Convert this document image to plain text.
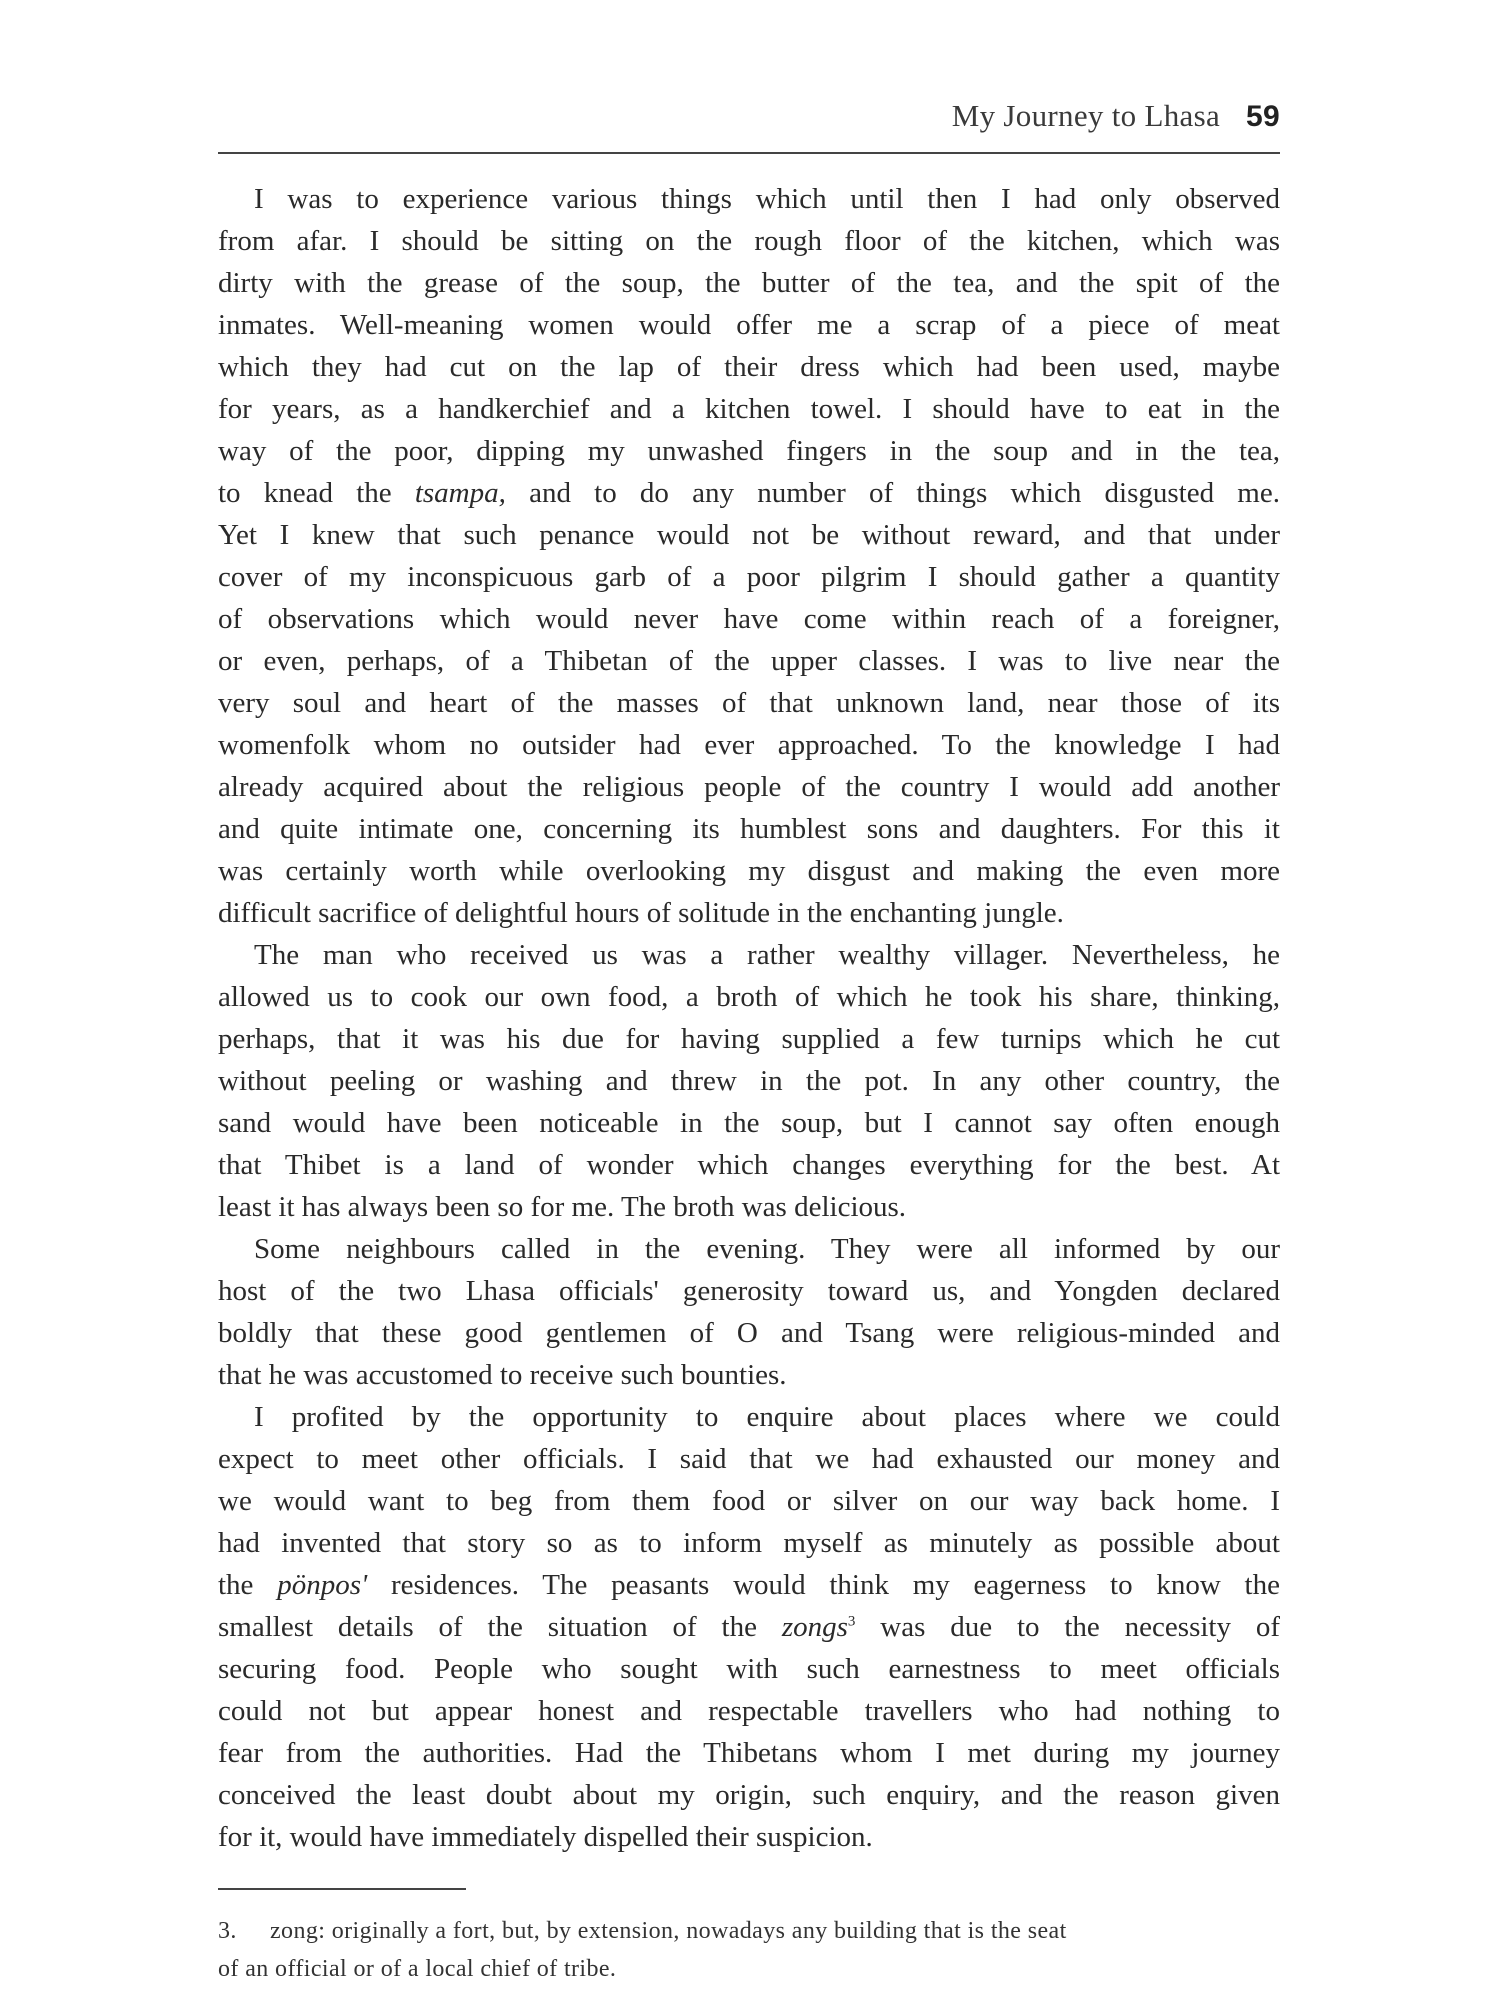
My Journey to Lhasa 59
I was to experience various things which until then I had only observed
from afar. I should be sitting on the rough floor of the kitchen, which was
dirty with the grease of the soup, the butter of the tea, and the spit of the
inmates. Well-meaning women would offer me a scrap of a piece of meat
which they had cut on the lap of their dress which had been used, maybe
for years, as a handkerchief and a kitchen towel. I should have to eat in the
way of the poor, dipping my unwashed fingers in the soup and in the tea,
to knead the tsampa, and to do any number of things which disgusted me.
Yet I knew that such penance would not be without reward, and that under
cover of my inconspicuous garb of a poor pilgrim I should gather a quantity
of observations which would never have come within reach of a foreigner,
or even, perhaps, of a Thibetan of the upper classes. I was to live near the
very soul and heart of the masses of that unknown land, near those of its
womenfolk whom no outsider had ever approached. To the knowledge I had
already acquired about the religious people of the country I would add another
and quite intimate one, concerning its humblest sons and daughters. For this it
was certainly worth while overlooking my disgust and making the even more
difficult sacrifice of delightful hours of solitude in the enchanting jungle.
The man who received us was a rather wealthy villager. Nevertheless, he
allowed us to cook our own food, a broth of which he took his share, thinking,
perhaps, that it was his due for having supplied a few turnips which he cut
without peeling or washing and threw in the pot. In any other country, the
sand would have been noticeable in the soup, but I cannot say often enough
that Thibet is a land of wonder which changes everything for the best. At
least it has always been so for me. The broth was delicious.
Some neighbours called in the evening. They were all informed by our
host of the two Lhasa officials' generosity toward us, and Yongden declared
boldly that these good gentlemen of O and Tsang were religious-minded and
that he was accustomed to receive such bounties.
I profited by the opportunity to enquire about places where we could
expect to meet other officials. I said that we had exhausted our money and
we would want to beg from them food or silver on our way back home. I
had invented that story so as to inform myself as minutely as possible about
the pönpos' residences. The peasants would think my eagerness to know the
smallest details of the situation of the zongs$^3$ was due to the necessity of
securing food. People who sought with such earnestness to meet officials
could not but appear honest and respectable travellers who had nothing to
fear from the authorities. Had the Thibetans whom I met during my journey
conceived the least doubt about my origin, such enquiry, and the reason given
for it, would have immediately dispelled their suspicion.
3. zong: originally a fort, but, by extension, nowadays any building that is the seat
of an official or of a local chief of tribe.
